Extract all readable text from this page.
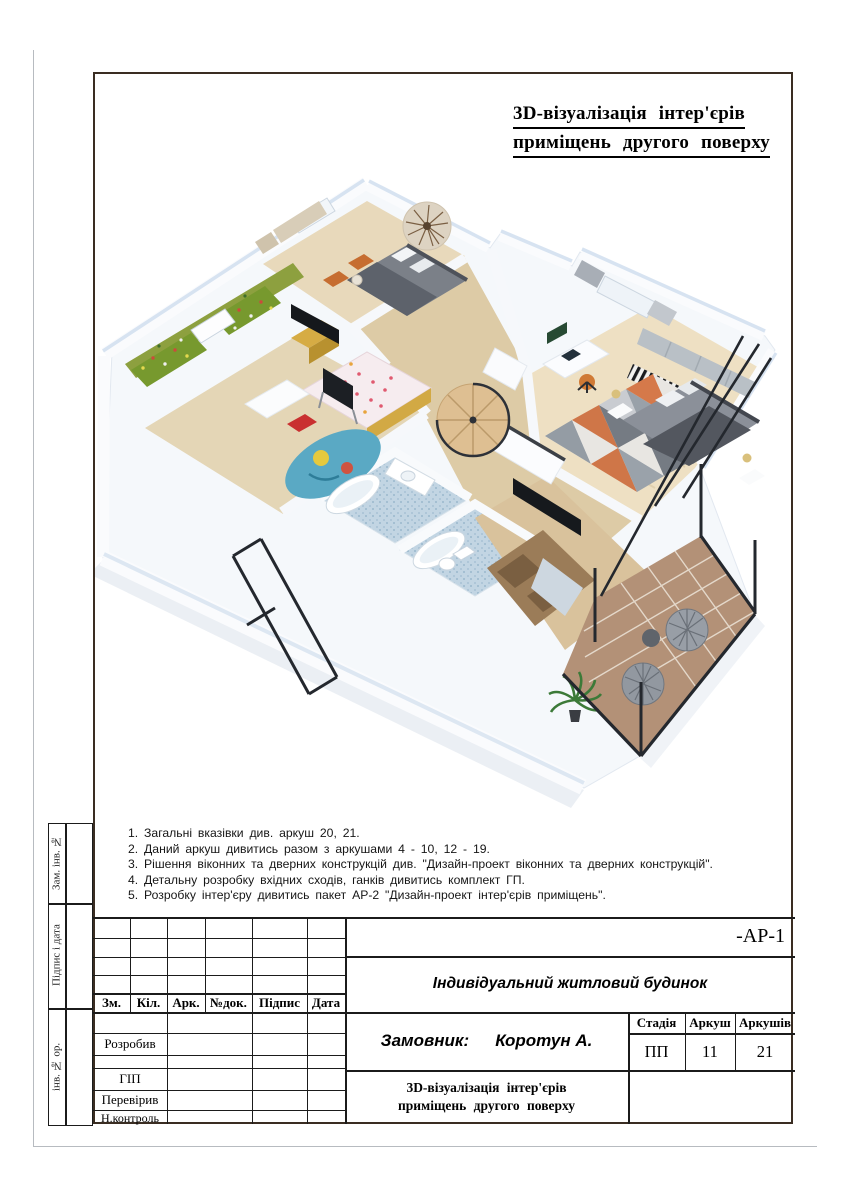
3D-візуалізація інтер'єрів
приміщень другого поверху
1. Загальні вказівки див. аркуш 20, 21.
2. Даний аркуш дивитись разом з аркушами 4 - 10, 12 - 19.
3. Рішення віконних та дверних конструкцій див. "Дизайн-проект віконних та дверних конструкцій".
4. Детальну розробку вхідних сходів, ганків дивитись комплект ГП.
5. Розробку інтер'єру дивитись пакет АР-2 "Дизайн-проект інтер'єрів приміщень".
Зам. інв. №
Підпис і дата
інв. № ор.
Зм.	Кіл. Арк. №док. Підпис Дата
Розробив
ГІП
Перевірив
Н.контроль
-АР-1
Індивідуальний житловий будинок
Замовник: Коротун А.
Стадія	Аркуш Аркушів
ПП	11	21
3D-візуалізація інтер'єрів
приміщень другого поверху
